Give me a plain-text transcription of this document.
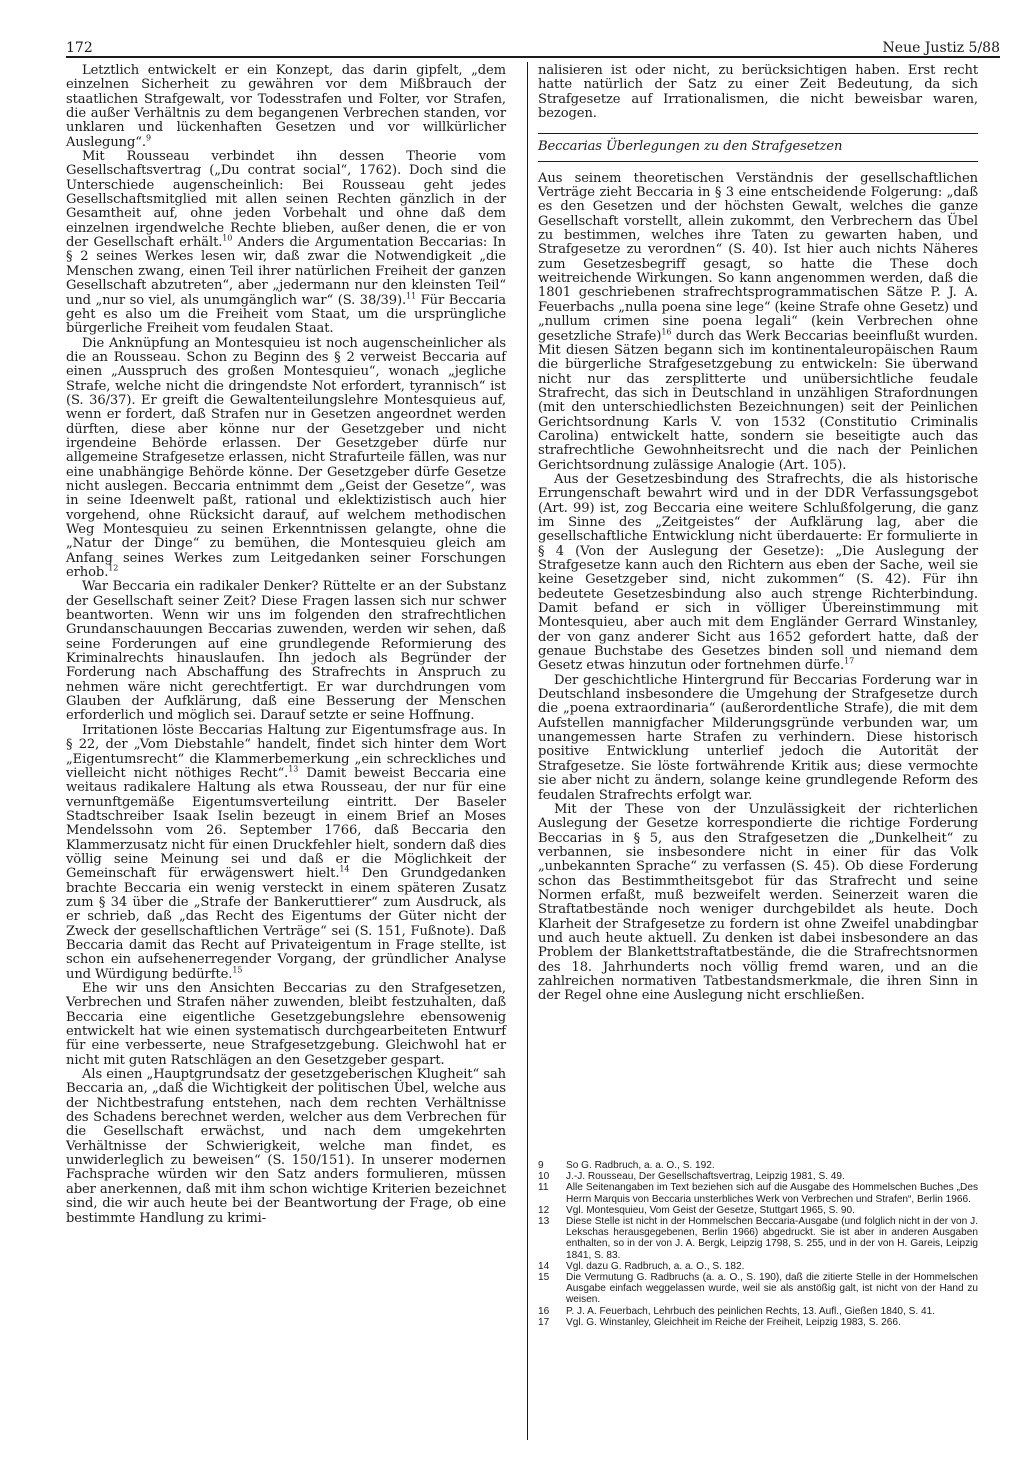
172	Neue Justiz 5/88

Letztlich entwickelt er ein Konzept, das darin gipfelt, „dem einzelnen Sicherheit zu gewähren vor dem Mißbrauch der staatlichen Strafgewalt, vor Todesstrafen und Folter, vor Strafen, die außer Verhältnis zu dem begangenen Verbrechen standen, vor unklaren und lückenhaften Gesetzen und vor willkürlicher Auslegung“.$^9$

Mit Rousseau verbindet ihn dessen Theorie vom Gesellschaftsvertrag („Du contrat social“, 1762). Doch sind die Unterschiede augenscheinlich: Bei Rousseau geht jedes Gesellschaftsmitglied mit allen seinen Rechten gänzlich in der Gesamtheit auf, ohne jeden Vorbehalt und ohne daß dem einzelnen irgendwelche Rechte blieben, außer denen, die er von der Gesellschaft erhält.$^{10}$ Anders die Argumentation Beccarias: In § 2 seines Werkes lesen wir, daß zwar die Notwendigkeit „die Menschen zwang, einen Teil ihrer natürlichen Freiheit der ganzen Gesellschaft abzutreten“, aber „jedermann nur den kleinsten Teil“ und „nur so viel, als unumgänglich war“ (S. 38/39).$^{11}$ Für Beccaria geht es also um die Freiheit vom Staat, um die ursprüngliche bürgerliche Freiheit vom feudalen Staat.

Die Anknüpfung an Montesquieu ist noch augenscheinlicher als die an Rousseau. Schon zu Beginn des § 2 verweist Beccaria auf einen „Ausspruch des großen Montesquieu“, wonach „jegliche Strafe, welche nicht die dringendste Not erfordert, tyrannisch“ ist (S. 36/37). Er greift die Gewaltenteilungslehre Montesquieus auf, wenn er fordert, daß Strafen nur in Gesetzen angeordnet werden dürften, diese aber könne nur der Gesetzgeber und nicht irgendeine Behörde erlassen. Der Gesetzgeber dürfe nur allgemeine Strafgesetze erlassen, nicht Strafurteile fällen, was nur eine unabhängige Behörde könne. Der Gesetzgeber dürfe Gesetze nicht auslegen. Beccaria entnimmt dem „Geist der Gesetze“, was in seine Ideenwelt paßt, rational und eklektizistisch auch hier vorgehend, ohne Rücksicht darauf, auf welchem methodischen Weg Montesquieu zu seinen Erkenntnissen gelangte, ohne die „Natur der Dinge“ zu bemühen, die Montesquieu gleich am Anfang seines Werkes zum Leitgedanken seiner Forschungen erhob.$^{12}$

War Beccaria ein radikaler Denker? Rüttelte er an der Substanz der Gesellschaft seiner Zeit? Diese Fragen lassen sich nur schwer beantworten. Wenn wir uns im folgenden den strafrechtlichen Grundanschauungen Beccarias zuwenden, werden wir sehen, daß seine Forderungen auf eine grundlegende Reformierung des Kriminalrechts hinauslaufen. Ihn jedoch als Begründer der Forderung nach Abschaffung des Strafrechts in Anspruch zu nehmen wäre nicht gerechtfertigt. Er war durchdrungen vom Glauben der Aufklärung, daß eine Besserung der Menschen erforderlich und möglich sei. Darauf setzte er seine Hoffnung.

Irritationen löste Beccarias Haltung zur Eigentumsfrage aus. In § 22, der „Vom Diebstahle“ handelt, findet sich hinter dem Wort „Eigentumsrecht“ die Klammerbemerkung „ein schreckliches und vielleicht nicht nöthiges Recht“.$^{13}$ Damit beweist Beccaria eine weitaus radikalere Haltung als etwa Rousseau, der nur für eine vernunftgemäße Eigentumsverteilung eintritt. Der Baseler Stadtschreiber Isaak Iselin bezeugt in einem Brief an Moses Mendelssohn vom 26. September 1766, daß Beccaria den Klammerzusatz nicht für einen Druckfehler hielt, sondern daß dies völlig seine Meinung sei und daß er die Möglichkeit der Gemeinschaft für erwägenswert hielt.$^{14}$ Den Grundgedanken brachte Beccaria ein wenig versteckt in einem späteren Zusatz zum § 34 über die „Strafe der Bankeruttierer“ zum Ausdruck, als er schrieb, daß „das Recht des Eigentums der Güter nicht der Zweck der gesellschaftlichen Verträge“ sei (S. 151, Fußnote). Daß Beccaria damit das Recht auf Privateigentum in Frage stellte, ist schon ein aufsehenerregender Vorgang, der gründlicher Analyse und Würdigung bedürfte.$^{15}$

Ehe wir uns den Ansichten Beccarias zu den Strafgesetzen, Verbrechen und Strafen näher zuwenden, bleibt festzuhalten, daß Beccaria eine eigentliche Gesetzgebungslehre ebensowenig entwickelt hat wie einen systematisch durchgearbeiteten Entwurf für eine verbesserte, neue Strafgesetzgebung. Gleichwohl hat er nicht mit guten Ratschlägen an den Gesetzgeber gespart.

Als einen „Hauptgrundsatz der gesetzgeberischen Klugheit“ sah Beccaria an, „daß die Wichtigkeit der politischen Übel, welche aus der Nichtbestrafung entstehen, nach dem rechten Verhältnisse des Schadens berechnet werden, welcher aus dem Verbrechen für die Gesellschaft erwächst, und nach dem umgekehrten Verhältnisse der Schwierigkeit, welche man findet, es unwiderleglich zu beweisen“ (S. 150/151). In unserer modernen Fachsprache würden wir den Satz anders formulieren, müssen aber anerkennen, daß mit ihm schon wichtige Kriterien bezeichnet sind, die wir auch heute bei der Beantwortung der Frage, ob eine bestimmte Handlung zu krimi-

nalisieren ist oder nicht, zu berücksichtigen haben. Erst recht hatte natürlich der Satz zu einer Zeit Bedeutung, da sich Strafgesetze auf Irrationalismen, die nicht beweisbar waren, bezogen.

Beccarias Überlegungen zu den Strafgesetzen

Aus seinem theoretischen Verständnis der gesellschaftlichen Verträge zieht Beccaria in § 3 eine entscheidende Folgerung: „daß es den Gesetzen und der höchsten Gewalt, welches die ganze Gesellschaft vorstellt, allein zukommt, den Verbrechern das Übel zu bestimmen, welches ihre Taten zu gewarten haben, und Strafgesetze zu verordnen“ (S. 40). Ist hier auch nichts Näheres zum Gesetzesbegriff gesagt, so hatte die These doch weitreichende Wirkungen. So kann angenommen werden, daß die 1801 geschriebenen strafrechtsprogrammatischen Sätze P. J. A. Feuerbachs „nulla poena sine lege“ (keine Strafe ohne Gesetz) und „nullum crimen sine poena legali“ (kein Verbrechen ohne gesetzliche Strafe)$^{16}$ durch das Werk Beccarias beeinflußt wurden. Mit diesen Sätzen begann sich im kontinentaleuropäischen Raum die bürgerliche Strafgesetzgebung zu entwickeln: Sie überwand nicht nur das zersplitterte und unübersichtliche feudale Strafrecht, das sich in Deutschland in unzähligen Strafordnungen (mit den unterschiedlichsten Bezeichnungen) seit der Peinlichen Gerichtsordnung Karls V. von 1532 (Constitutio Criminalis Carolina) entwickelt hatte, sondern sie beseitigte auch das strafrechtliche Gewohnheitsrecht und die nach der Peinlichen Gerichtsordnung zulässige Analogie (Art. 105).

Aus der Gesetzesbindung des Strafrechts, die als historische Errungenschaft bewahrt wird und in der DDR Verfassungsgebot (Art. 99) ist, zog Beccaria eine weitere Schlußfolgerung, die ganz im Sinne des „Zeitgeistes“ der Aufklärung lag, aber die gesellschaftliche Entwicklung nicht überdauerte: Er formulierte in § 4 (Von der Auslegung der Gesetze): „Die Auslegung der Strafgesetze kann auch den Richtern aus eben der Sache, weil sie keine Gesetzgeber sind, nicht zukommen“ (S. 42). Für ihn bedeutete Gesetzesbindung also auch strenge Richterbindung. Damit befand er sich in völliger Übereinstimmung mit Montesquieu, aber auch mit dem Engländer Gerrard Winstanley, der von ganz anderer Sicht aus 1652 gefordert hatte, daß der genaue Buchstabe des Gesetzes binden soll und niemand dem Gesetz etwas hinzutun oder fortnehmen dürfe.$^{17}$

Der geschichtliche Hintergrund für Beccarias Forderung war in Deutschland insbesondere die Umgehung der Strafgesetze durch die „poena extraordinaria“ (außerordentliche Strafe), die mit dem Aufstellen mannigfacher Milderungsgründe verbunden war, um unangemessen harte Strafen zu verhindern. Diese historisch positive Entwicklung unterlief jedoch die Autorität der Strafgesetze. Sie löste fortwährende Kritik aus; diese vermochte sie aber nicht zu ändern, solange keine grundlegende Reform des feudalen Strafrechts erfolgt war.

Mit der These von der Unzulässigkeit der richterlichen Auslegung der Gesetze korrespondierte die richtige Forderung Beccarias in § 5, aus den Strafgesetzen die „Dunkelheit“ zu verbannen, sie insbesondere nicht in einer für das Volk „unbekannten Sprache“ zu verfassen (S. 45). Ob diese Forderung schon das Bestimmtheitsgebot für das Strafrecht und seine Normen erfaßt, muß bezweifelt werden. Seinerzeit waren die Straftatbestände noch weniger durchgebildet als heute. Doch Klarheit der Strafgesetze zu fordern ist ohne Zweifel unabdingbar und auch heute aktuell. Zu denken ist dabei insbesondere an das Problem der Blankettstraftatbestände, die die Strafrechtsnormen des 18. Jahrhunderts noch völlig fremd waren, und an die zahlreichen normativen Tatbestandsmerkmale, die ihren Sinn in der Regel ohne eine Auslegung nicht erschließen.

9	So G. Radbruch, a. a. O., S. 192.
10	J.-J. Rousseau, Der Gesellschaftsvertrag, Leipzig 1981, S. 49.
11	Alle Seitenangaben im Text beziehen sich auf die Ausgabe des Hommelschen Buches „Des Herrn Marquis von Beccaria unsterbliches Werk von Verbrechen und Strafen“, Berlin 1966.
12	Vgl. Montesquieu, Vom Geist der Gesetze, Stuttgart 1965, S. 90.
13	Diese Stelle ist nicht in der Hommelschen Beccaria-Ausgabe (und folglich nicht in der von J. Lekschas herausgegebenen, Berlin 1966) abgedruckt. Sie ist aber in anderen Ausgaben enthalten, so in der von J. A. Bergk, Leipzig 1798, S. 255, und in der von H. Gareis, Leipzig 1841, S. 83.
14	Vgl. dazu G. Radbruch, a. a. O., S. 182.
15	Die Vermutung G. Radbruchs (a. a. O., S. 190), daß die zitierte Stelle in der Hommelschen Ausgabe einfach weggelassen wurde, weil sie als anstößig galt, ist nicht von der Hand zu weisen.
16	P. J. A. Feuerbach, Lehrbuch des peinlichen Rechts, 13. Aufl., Gießen 1840, S. 41.
17	Vgl. G. Winstanley, Gleichheit im Reiche der Freiheit, Leipzig 1983, S. 266.
